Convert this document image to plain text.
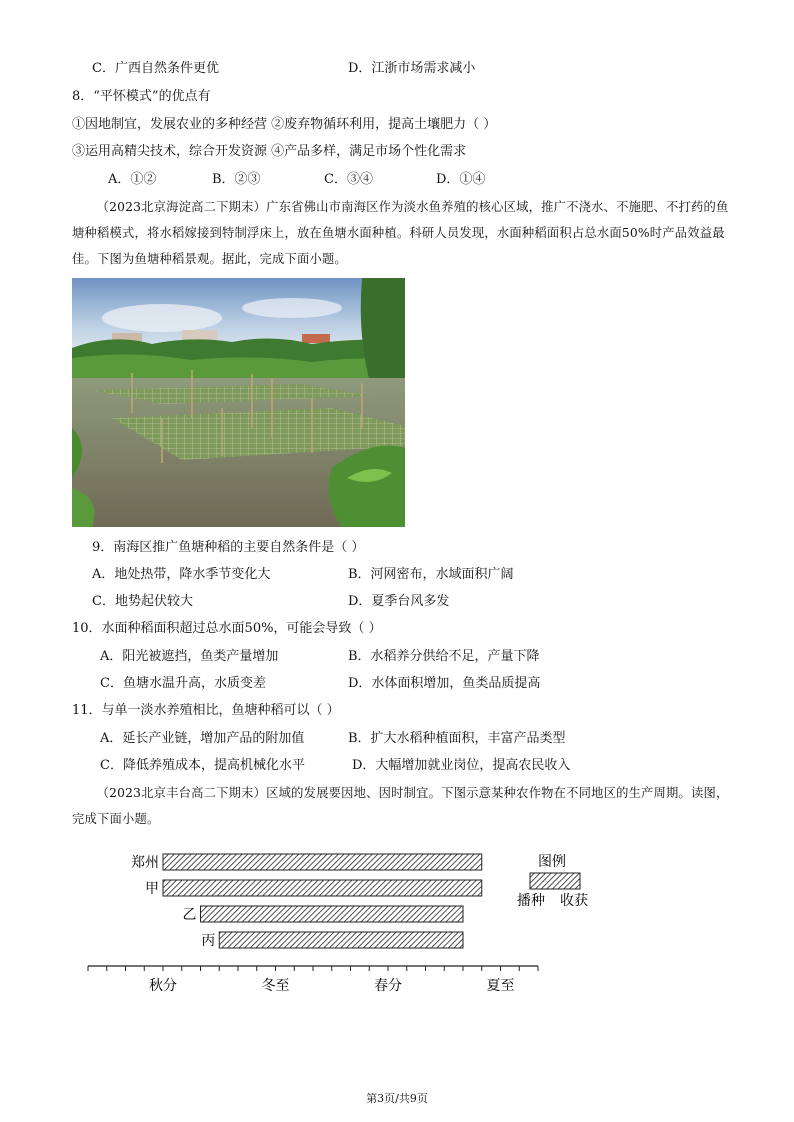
C．广西自然条件更优	D．江浙市场需求减小
8．“平怀模式”的优点有
①因地制宜，发展农业的多种经营 ②废弃物循环利用，提高土壤肥力（ ）
③运用高精尖技术，综合开发资源 ④产品多样，满足市场个性化需求
A．①②	B．②③	C．③④	D．①④
（2023北京海淀高二下期末）广东省佛山市南海区作为淡水鱼养殖的核心区域，推广不浇水、不施肥、不打药的鱼塘种稻模式，将水稻嫁接到特制浮床上，放在鱼塘水面种植。科研人员发现，水面种稻面积占总水面50%时产品效益最佳。下图为鱼塘种稻景观。据此，完成下面小题。
9．南海区推广鱼塘种稻的主要自然条件是（ ）
A．地处热带，降水季节变化大	B．河网密布，水域面积广阔
C．地势起伏较大	D．夏季台风多发
10．水面种稻面积超过总水面50%，可能会导致（ ）
A．阳光被遮挡，鱼类产量增加	B．水稻养分供给不足，产量下降
C．鱼塘水温升高，水质变差	D．水体面积增加，鱼类品质提高
11．与单一淡水养殖相比，鱼塘种稻可以（ ）
A．延长产业链，增加产品的附加值	B．扩大水稻种植面积，丰富产品类型
C．降低养殖成本，提高机械化水平	D．大幅增加就业岗位，提高农民收入
（2023北京丰台高二下期末）区域的发展要因地、因时制宜。下图示意某种农作物在不同地区的生产周期。读图，完成下面小题。
郑州
甲
乙
丙
秋分	冬至	春分	夏至
图例
播种 收获
第3页/共9页
